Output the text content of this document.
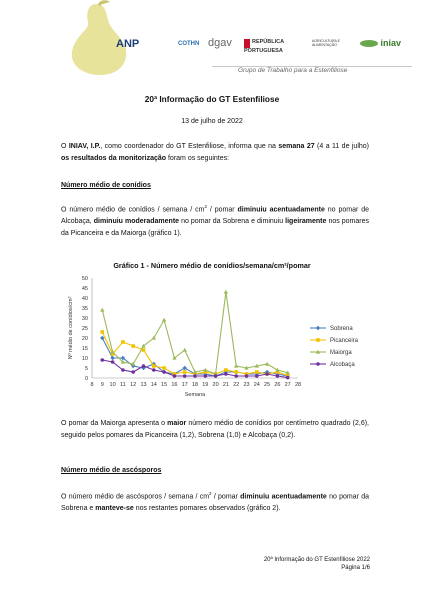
ANP	COTHN dgav	REPÚBLICA PORTUGUESA
AGRICULTURA E ALIMENTAÇÃO	iniav
Grupo de Trabalho para a Estenfiliose
20ª Informação do GT Estenfiliose
13 de julho de 2022
O INIAV, I.P., como coordenador do GT Estenfiliose, informa que na semana 27 (4 a 11 de julho) os resultados da monitorização foram os seguintes:
Número médio de conídios
O número médio de conídios / semana / $cm^2$ / pomar diminuiu acentuadamente no pomar de Alcobaça, diminuiu moderadamente no pomar da Sobrena e diminuiu ligeiramente nos pomares da Picanceira e da Maiorga (gráfico 1).
Gráfico 1 - Número médio de conídios/semana/cm²/pomar
0
5
10
15
20
25
30
35
40
45
50
8 9 10 11 12 13 14 15 16 17 18 19 20 21 22 23 24 25 26 27 28
Semana
Nº médio de conídios/cm²	Sobrena
Picanceira
Maiorga
Alcobaça
O pomar da Maiorga apresenta o maior número médio de conídios por centímetro quadrado (2,6), seguido pelos pomares da Picanceira (1,2), Sobrena (1,0) e Alcobaça (0,2).
Número médio de ascósporos
O número médio de ascósporos / semana / $cm^2$ / pomar diminuiu acentuadamente no pomar da Sobrena e manteve-se nos restantes pomares observados (gráfico 2).
20ª Informação do GT Estenfiliose 2022
Página 1/6
